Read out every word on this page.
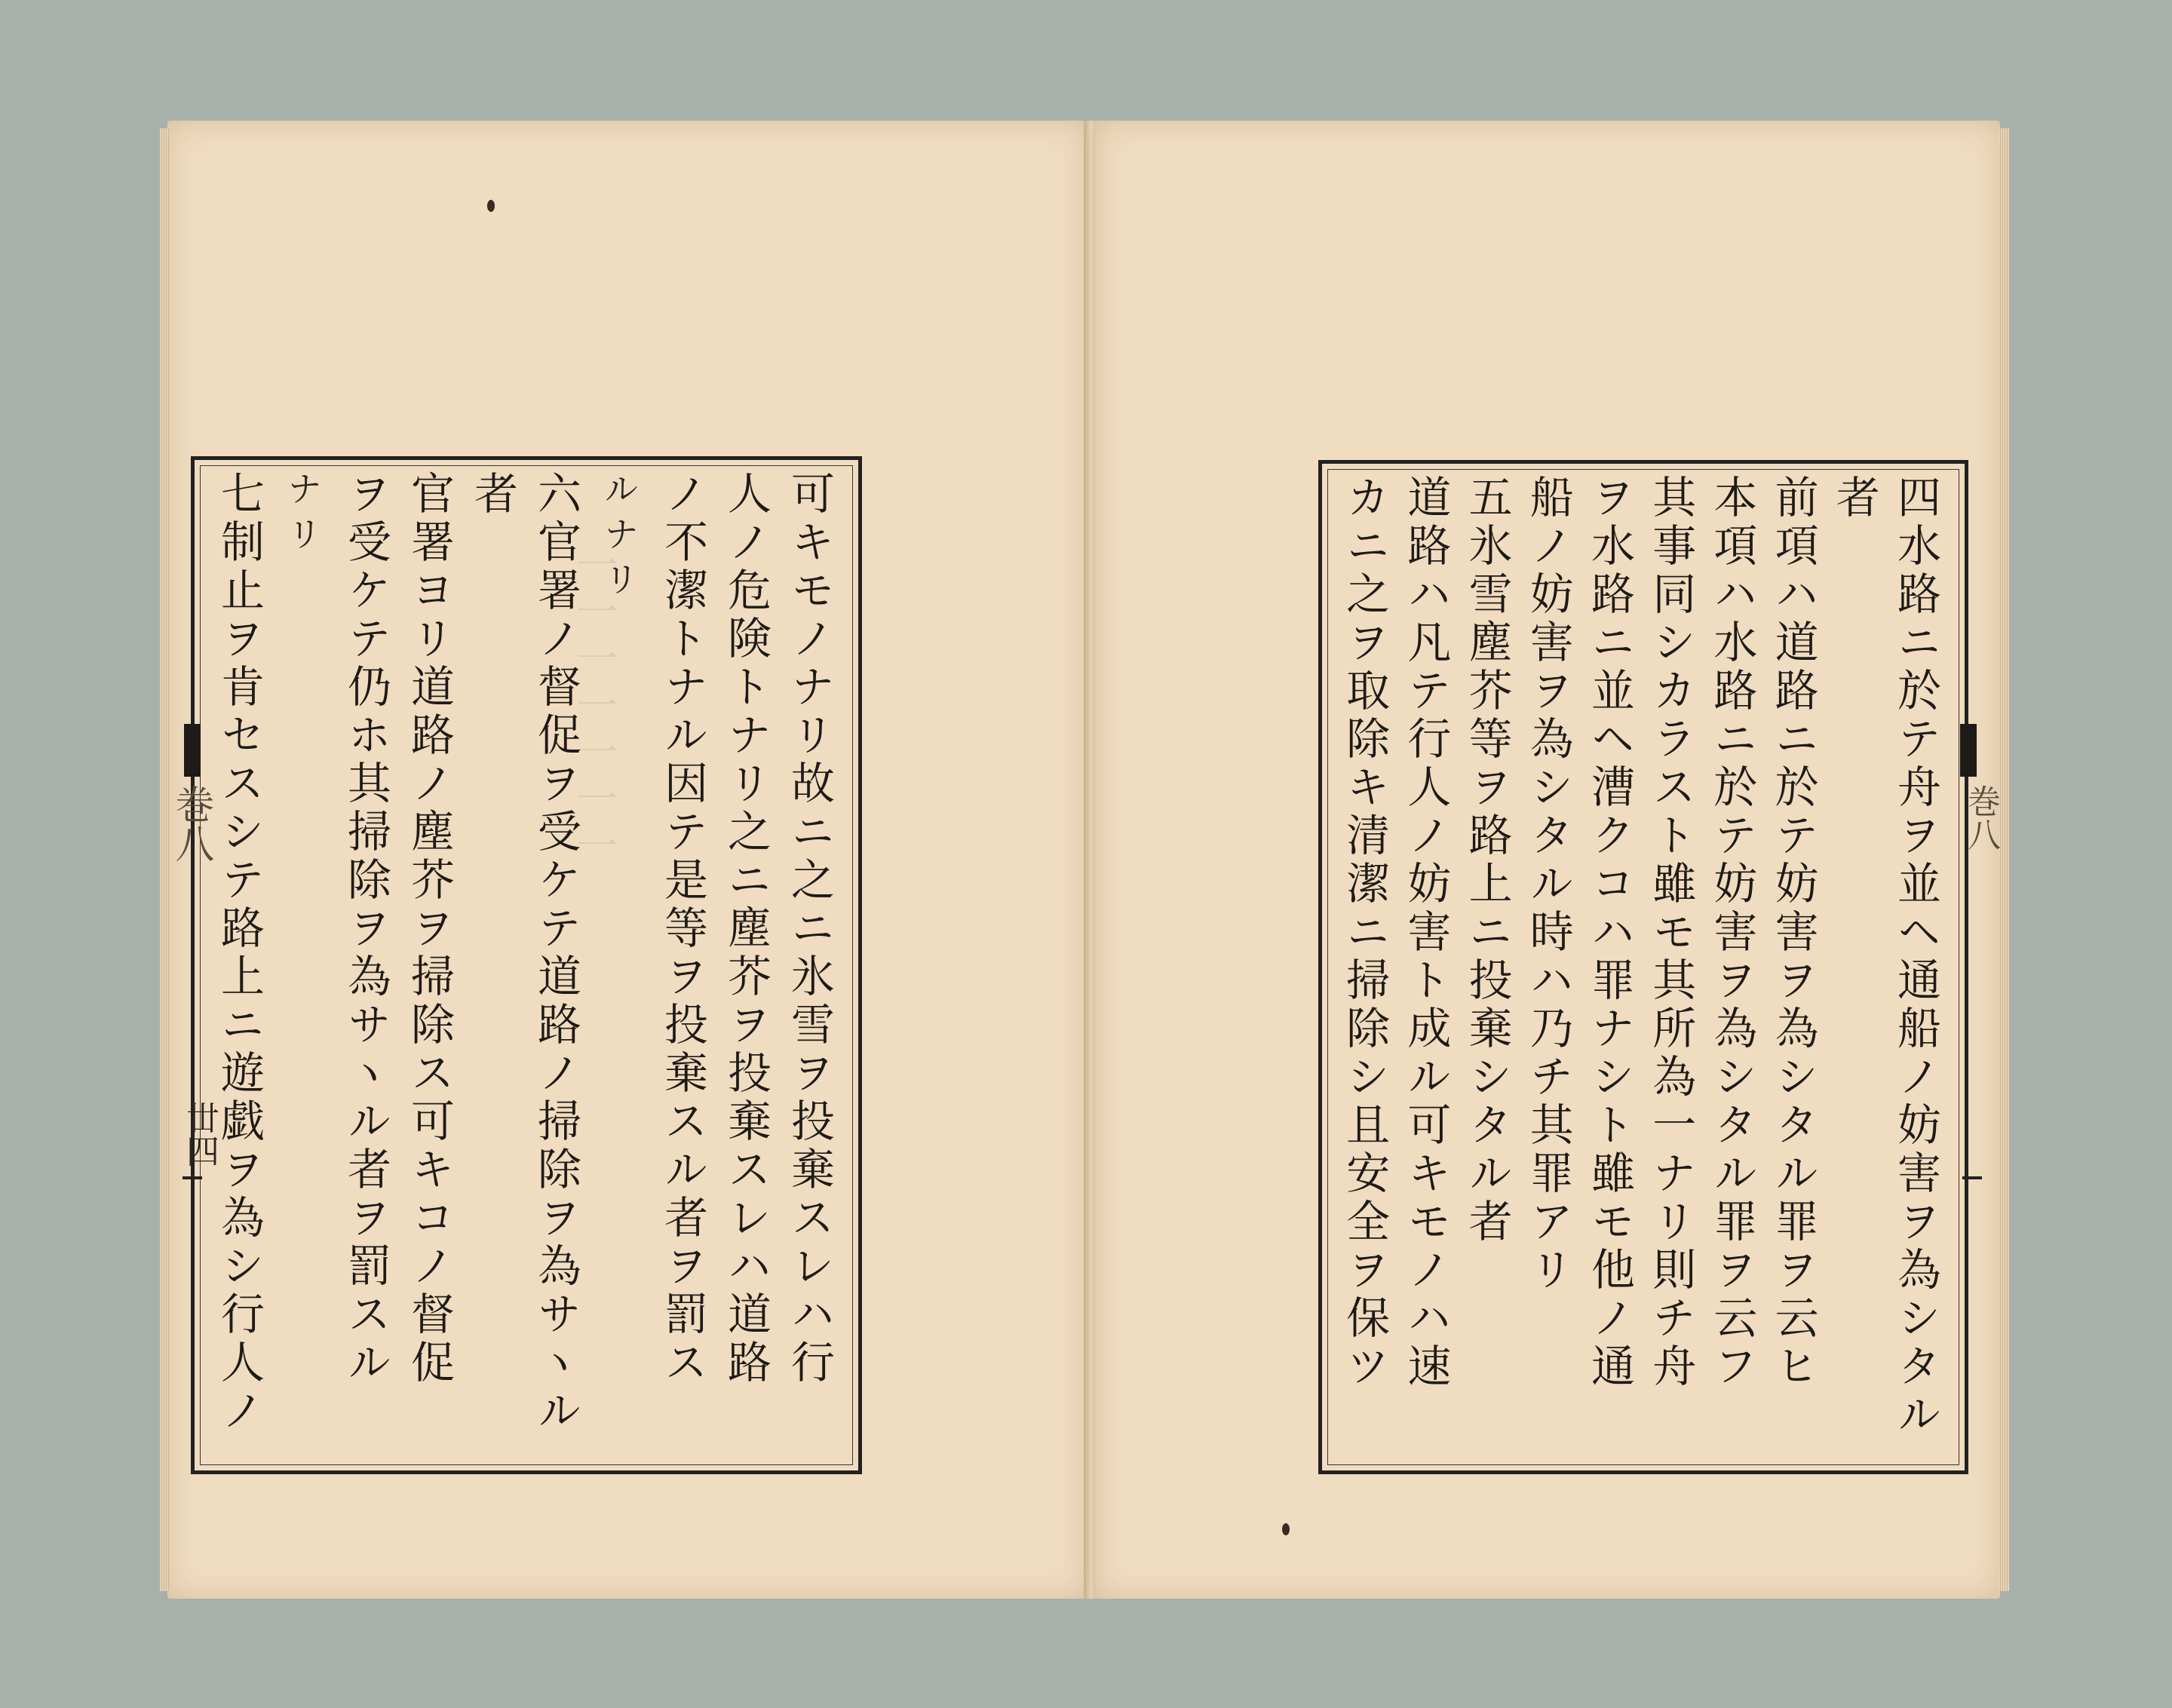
一一一一一一一	可キモノナリ故ニ之ニ氷雪ヲ投棄スレハ行
人ノ危険トナリ之ニ塵芥ヲ投棄スレハ道路
ノ不潔トナル因テ是等ヲ投棄スル者ヲ罰ス
ルナリ
六官署ノ督促ヲ受ケテ道路ノ掃除ヲ為サヽル
者
官署ヨリ道路ノ塵芥ヲ掃除ス可キコノ督促
ヲ受ケテ仍ホ其掃除ヲ為サヽル者ヲ罰スル
ナリ
七制止ヲ肯セスシテ路上ニ遊戯ヲ為シ行人ノ
巻八
丗四	四水路ニ於テ舟ヲ並ヘ通船ノ妨害ヲ為シタル
者
前項ハ道路ニ於テ妨害ヲ為シタル罪ヲ云ヒ
本項ハ水路ニ於テ妨害ヲ為シタル罪ヲ云フ
其事同シカラスト雖モ其所為一ナリ則チ舟
ヲ水路ニ並ヘ漕クコハ罪ナシト雖モ他ノ通
船ノ妨害ヲ為シタル時ハ乃チ其罪アリ
五氷雪塵芥等ヲ路上ニ投棄シタル者
道路ハ凡テ行人ノ妨害ト成ル可キモノハ速
カニ之ヲ取除キ清潔ニ掃除シ且安全ヲ保ツ	巻八
